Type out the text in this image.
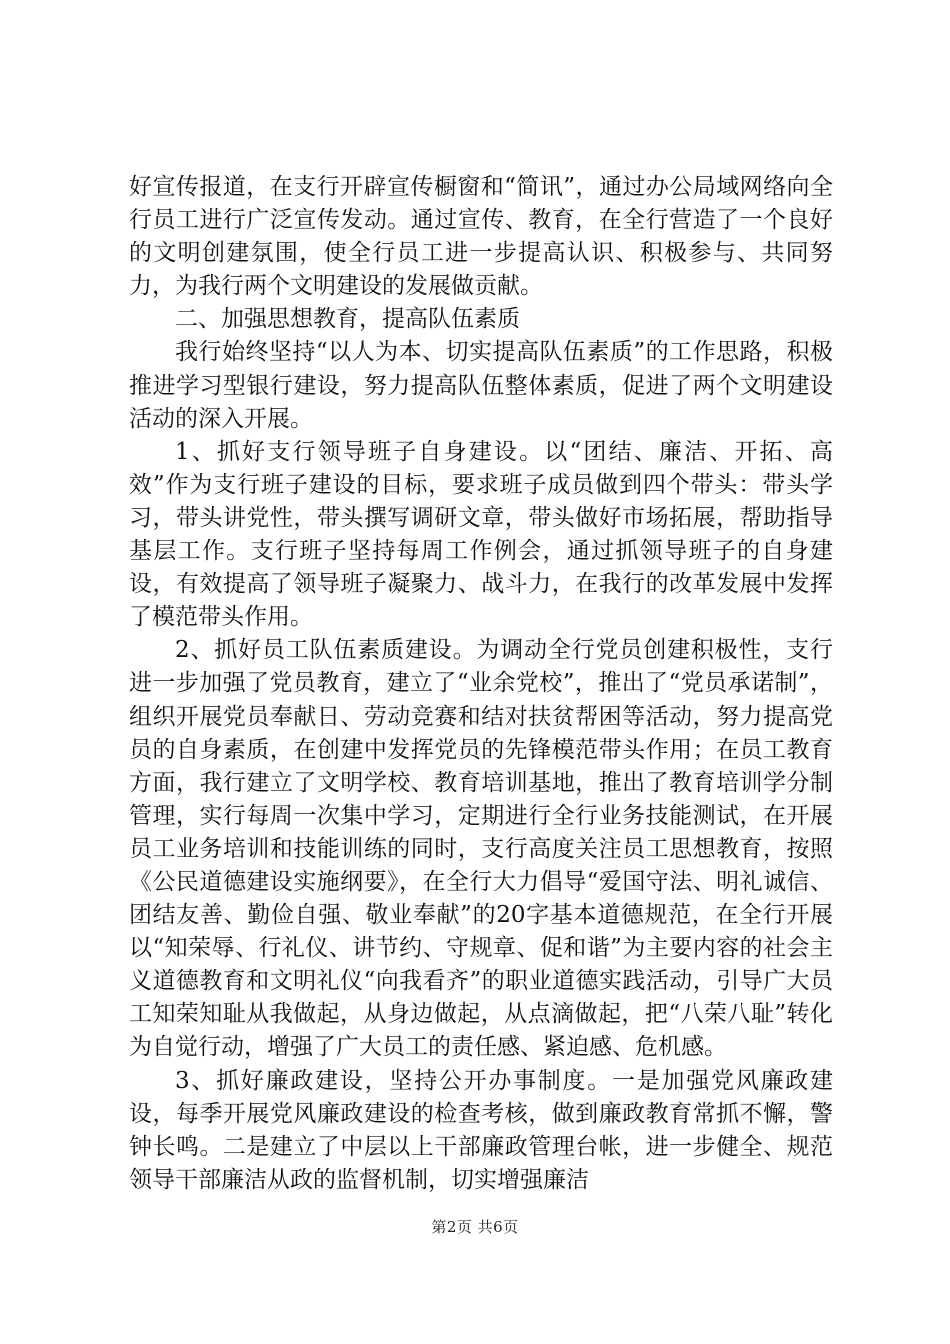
好宣传报道，在支行开辟宣传橱窗和“简讯”，通过办公局域网络向全行员工进行广泛宣传发动。通过宣传、教育，在全行营造了一个良好的文明创建氛围，使全行员工进一步提高认识、积极参与、共同努力，为我行两个文明建设的发展做贡献。

二、加强思想教育，提高队伍素质

我行始终坚持“以人为本、切实提高队伍素质”的工作思路，积极推进学习型银行建设，努力提高队伍整体素质，促进了两个文明建设活动的深入开展。

1、抓好支行领导班子自身建设。以“团结、廉洁、开拓、高效”作为支行班子建设的目标，要求班子成员做到四个带头：带头学习，带头讲党性，带头撰写调研文章，带头做好市场拓展，帮助指导基层工作。支行班子坚持每周工作例会，通过抓领导班子的自身建设，有效提高了领导班子凝聚力、战斗力，在我行的改革发展中发挥了模范带头作用。

2、抓好员工队伍素质建设。为调动全行党员创建积极性，支行进一步加强了党员教育，建立了“业余党校”，推出了“党员承诺制”，组织开展党员奉献日、劳动竞赛和结对扶贫帮困等活动，努力提高党员的自身素质，在创建中发挥党员的先锋模范带头作用；在员工教育方面，我行建立了文明学校、教育培训基地，推出了教育培训学分制管理，实行每周一次集中学习，定期进行全行业务技能测试，在开展员工业务培训和技能训练的同时，支行高度关注员工思想教育，按照《公民道德建设实施纲要》，在全行大力倡导“爱国守法、明礼诚信、团结友善、勤俭自强、敬业奉献”的20字基本道德规范，在全行开展以“知荣辱、行礼仪、讲节约、守规章、促和谐”为主要内容的社会主义道德教育和文明礼仪“向我看齐”的职业道德实践活动，引导广大员工知荣知耻从我做起，从身边做起，从点滴做起，把“八荣八耻”转化为自觉行动，增强了广大员工的责任感、紧迫感、危机感。

3、抓好廉政建设，坚持公开办事制度。一是加强党风廉政建设，每季开展党风廉政建设的检查考核，做到廉政教育常抓不懈，警钟长鸣。二是建立了中层以上干部廉政管理台帐，进一步健全、规范领导干部廉洁从政的监督机制，切实增强廉洁

第2页 共6页
